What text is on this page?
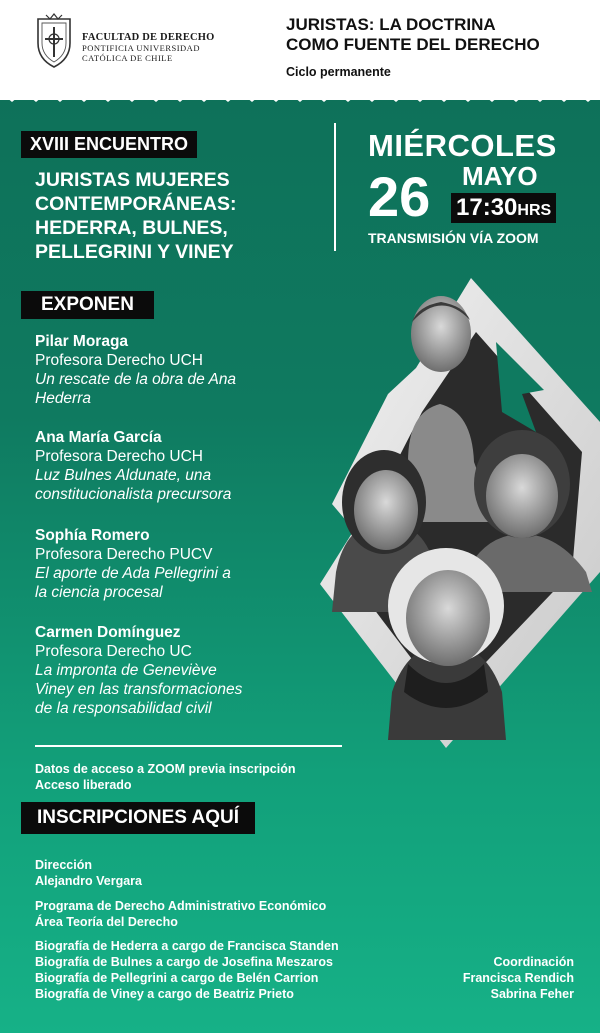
FACULTAD DE DERECHO
PONTIFICIA UNIVERSIDAD
CATÓLICA DE CHILE
JURISTAS: LA DOCTRINA
COMO FUENTE DEL DERECHO
Ciclo permanente
XVIII ENCUENTRO
JURISTAS MUJERES
CONTEMPORÁNEAS:
HEDERRA, BULNES,
PELLEGRINI Y VINEY
MIÉRCOLES
26 MAYO
17:30HRS
TRANSMISIÓN VÍA ZOOM
EXPONEN
Pilar Moraga
Profesora Derecho UCH
Un rescate de la obra de Ana
Hederra
Ana María García
Profesora Derecho UCH
Luz Bulnes Aldunate, una
constitucionalista precursora
Sophía Romero
Profesora Derecho PUCV
El aporte de Ada Pellegrini a
la ciencia procesal
Carmen Domínguez
Profesora Derecho UC
La impronta de Geneviève
Viney en las transformaciones
de la responsabilidad civil
Datos de acceso a ZOOM previa inscripción
Acceso liberado
INSCRIPCIONES AQUÍ
Dirección
Alejandro Vergara
Programa de Derecho Administrativo Económico
Área Teoría del Derecho
Biografía de Hederra a cargo de Francisca Standen
Biografía de Bulnes a cargo de Josefina Meszaros
Biografía de Pellegrini a cargo de Belén Carrion
Biografía de Viney a cargo de Beatriz Prieto
Coordinación
Francisca Rendich
Sabrina Feher
